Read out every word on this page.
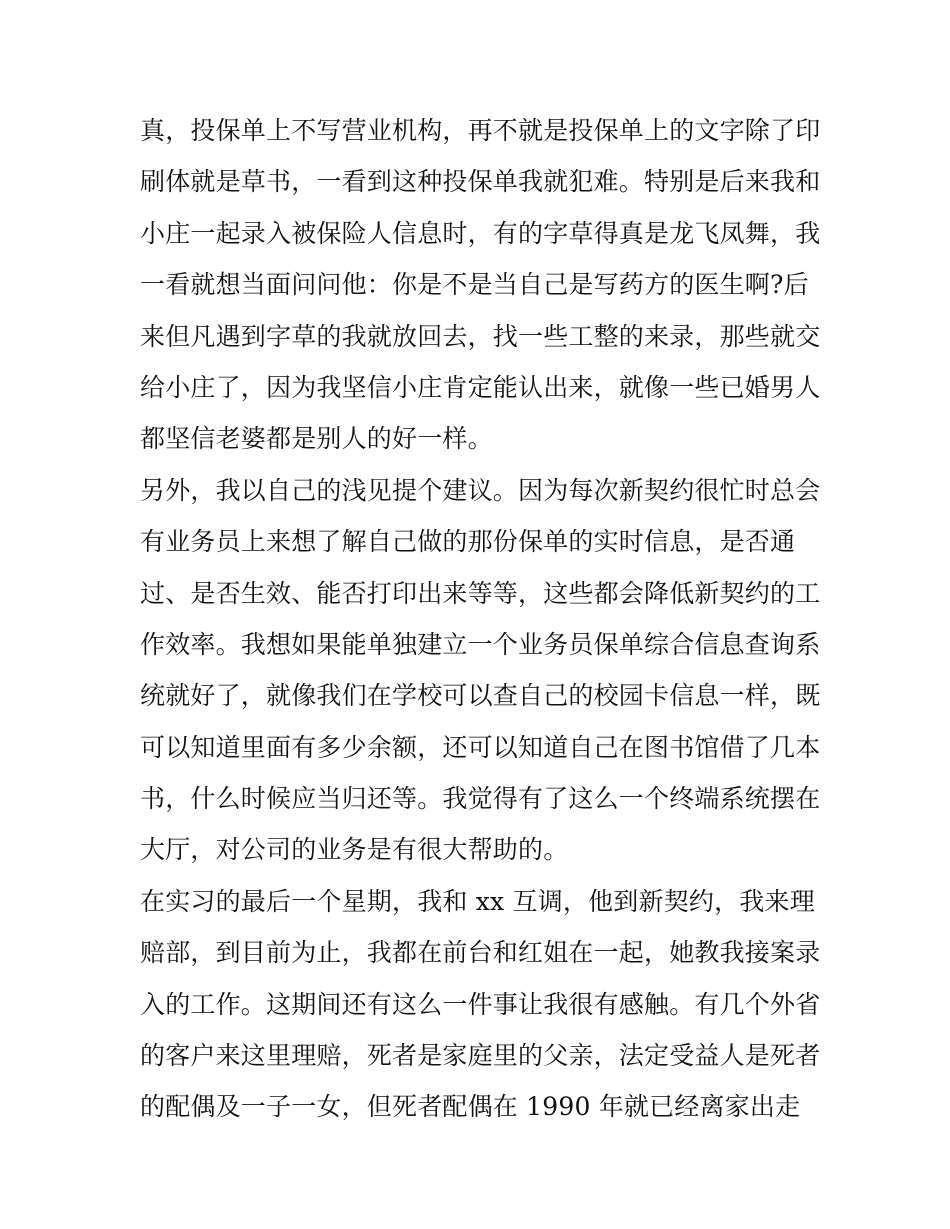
真，投保单上不写营业机构，再不就是投保单上的文字除了印
刷体就是草书，一看到这种投保单我就犯难。特别是后来我和
小庄一起录入被保险人信息时，有的字草得真是龙飞凤舞，我
一看就想当面问问他：你是不是当自己是写药方的医生啊?后
来但凡遇到字草的我就放回去，找一些工整的来录，那些就交
给小庄了，因为我坚信小庄肯定能认出来，就像一些已婚男人
都坚信老婆都是别人的好一样。
另外，我以自己的浅见提个建议。因为每次新契约很忙时总会
有业务员上来想了解自己做的那份保单的实时信息，是否通
过、是否生效、能否打印出来等等，这些都会降低新契约的工
作效率。我想如果能单独建立一个业务员保单综合信息查询系
统就好了，就像我们在学校可以查自己的校园卡信息一样，既
可以知道里面有多少余额，还可以知道自己在图书馆借了几本
书，什么时候应当归还等。我觉得有了这么一个终端系统摆在
大厅，对公司的业务是有很大帮助的。
在实习的最后一个星期，我和 xx 互调，他到新契约，我来理
赔部，到目前为止，我都在前台和红姐在一起，她教我接案录
入的工作。这期间还有这么一件事让我很有感触。有几个外省
的客户来这里理赔，死者是家庭里的父亲，法定受益人是死者
的配偶及一子一女，但死者配偶在 1990 年就已经离家出走
